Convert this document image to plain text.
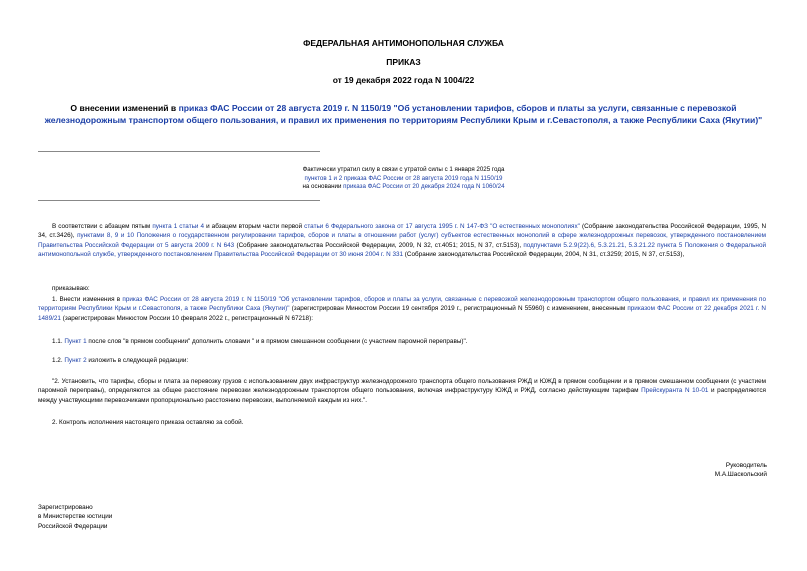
ФЕДЕРАЛЬНАЯ АНТИМОНОПОЛЬНАЯ СЛУЖБА
ПРИКАЗ
от 19 декабря 2022 года N 1004/22
О внесении изменений в приказ ФАС России от 28 августа 2019 г. N 1150/19 "Об установлении тарифов, сборов и платы за услуги, связанные с перевозкой железнодорожным транспортом общего пользования, и правил их применения по территориям Республики Крым и г.Севастополя, а также Республики Саха (Якутии)"
Фактически утратил силу в связи с утратой силы с 1 января 2025 года
пунктов 1 и 2 приказа ФАС России от 28 августа 2019 года N 1150/19
на основании приказа ФАС России от 20 декабря 2024 года N 1060/24
В соответствии с абзацем пятым пункта 1 статьи 4 и абзацем вторым части первой статьи 6 Федерального закона от 17 августа 1995 г. N 147-ФЗ "О естественных монополиях" (Собрание законодательства Российской Федерации, 1995, N 34, ст.3426), пунктами 8, 9 и 10 Положения о государственном регулировании тарифов, сборов и платы в отношении работ (услуг) субъектов естественных монополий в сфере железнодорожных перевозок, утвержденного постановлением Правительства Российской Федерации от 5 августа 2009 г. N 643 (Собрание законодательства Российской Федерации, 2009, N 32, ст.4051; 2015, N 37, ст.5153), подпунктами 5.2.9(22).6, 5.3.21.21, 5.3.21.22 пункта 5 Положения о Федеральной антимонопольной службе, утвержденного постановлением Правительства Российской Федерации от 30 июня 2004 г. N 331 (Собрание законодательства Российской Федерации, 2004, N 31, ст.3259; 2015, N 37, ст.5153),
приказываю:
1. Внести изменения в приказ ФАС России от 28 августа 2019 г. N 1150/19 "Об установлении тарифов, сборов и платы за услуги, связанные с перевозкой железнодорожным транспортом общего пользования, и правил их применения по территориям Республики Крым и г.Севастополя, а также Республики Саха (Якутии)" (зарегистрирован Минюстом России 19 сентября 2019 г., регистрационный N 55960) с изменением, внесенным приказом ФАС России от 22 декабря 2021 г. N 1489/21 (зарегистрирован Минюстом России 10 февраля 2022 г., регистрационный N 67218):
1.1. Пункт 1 после слов "в прямом сообщении" дополнить словами " и в прямом смешанном сообщении (с участием паромной переправы)".
1.2. Пункт 2 изложить в следующей редакции:
"2. Установить, что тарифы, сборы и плата за перевозку грузов с использованием двух инфраструктур железнодорожного транспорта общего пользования РЖД и ЮЖД в прямом сообщении и в прямом смешанном сообщении (с участием паромной переправы), определяются за общее расстояние перевозки железнодорожным транспортом общего пользования, включая инфраструктуру ЮЖД и РЖД, согласно действующим тарифам Прейскуранта N 10-01 и распределяются между участвующими перевозчиками пропорционально расстоянию перевозки, выполняемой каждым из них.".
2. Контроль исполнения настоящего приказа оставляю за собой.
Руководитель
М.А.Шаскольский
Зарегистрировано
в Министерстве юстиции
Российской Федерации
